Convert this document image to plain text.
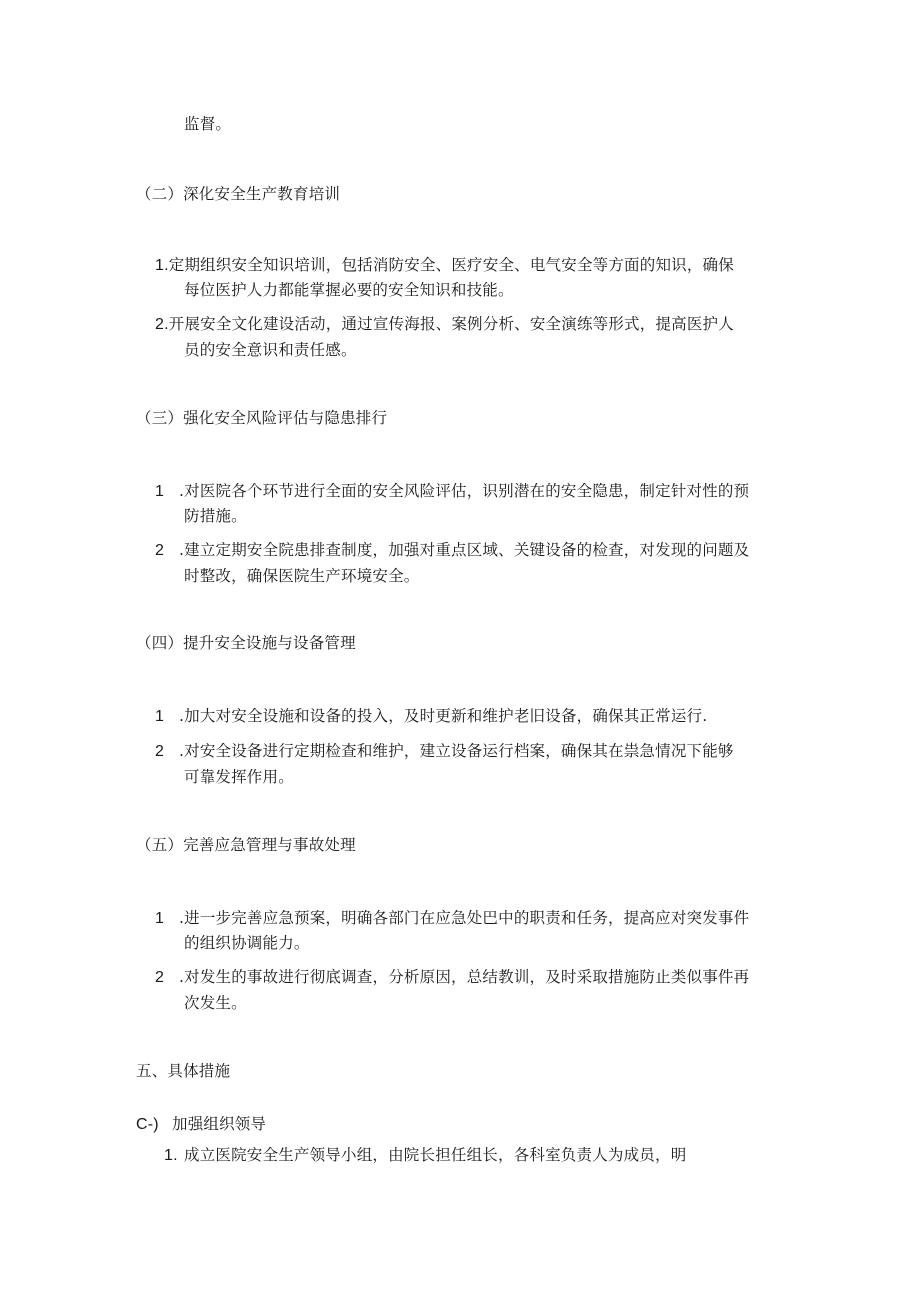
监督。
（二）深化安全生产教育培训
1.定期组织安全知识培训，包括消防安全、医疗安全、电气安全等方面的知识，确保
每位医护人力都能掌握必要的安全知识和技能。
2.开展安全文化建设活动，通过宣传海报、案例分析、安全演练等形式，提高医护人
员的安全意识和责任感。
（三）强化安全风险评估与隐患排行
1 .对医院各个环节进行全面的安全风险评估，识别潜在的安全隐患，制定针对性的预
防措施。
2 .建立定期安全院患排查制度，加强对重点区域、关键设备的检查，对发现的问题及
时整改，确保医院生产环境安全。
（四）提升安全设施与设备管理
1 .加大对安全设施和设备的投入，及时更新和维护老旧设备，确保其正常运行.
2 .对安全设备进行定期检查和维护，建立设备运行档案，确保其在祟急情况下能够
可靠发挥作用。
（五）完善应急管理与事故处理
1 .进一步完善应急预案，明确各部门在应急处巴中的职责和任务，提高应对突发事件
的组织协调能力。
2 .对发生的事故进行彻底调查，分析原因，总结教训，及时采取措施防止类似事件再
次发生。
五、具体措施
C-) 加强组织领导
1. 成立医院安全生产领导小组，由院长担任组长，各科室负责人为成员，明
